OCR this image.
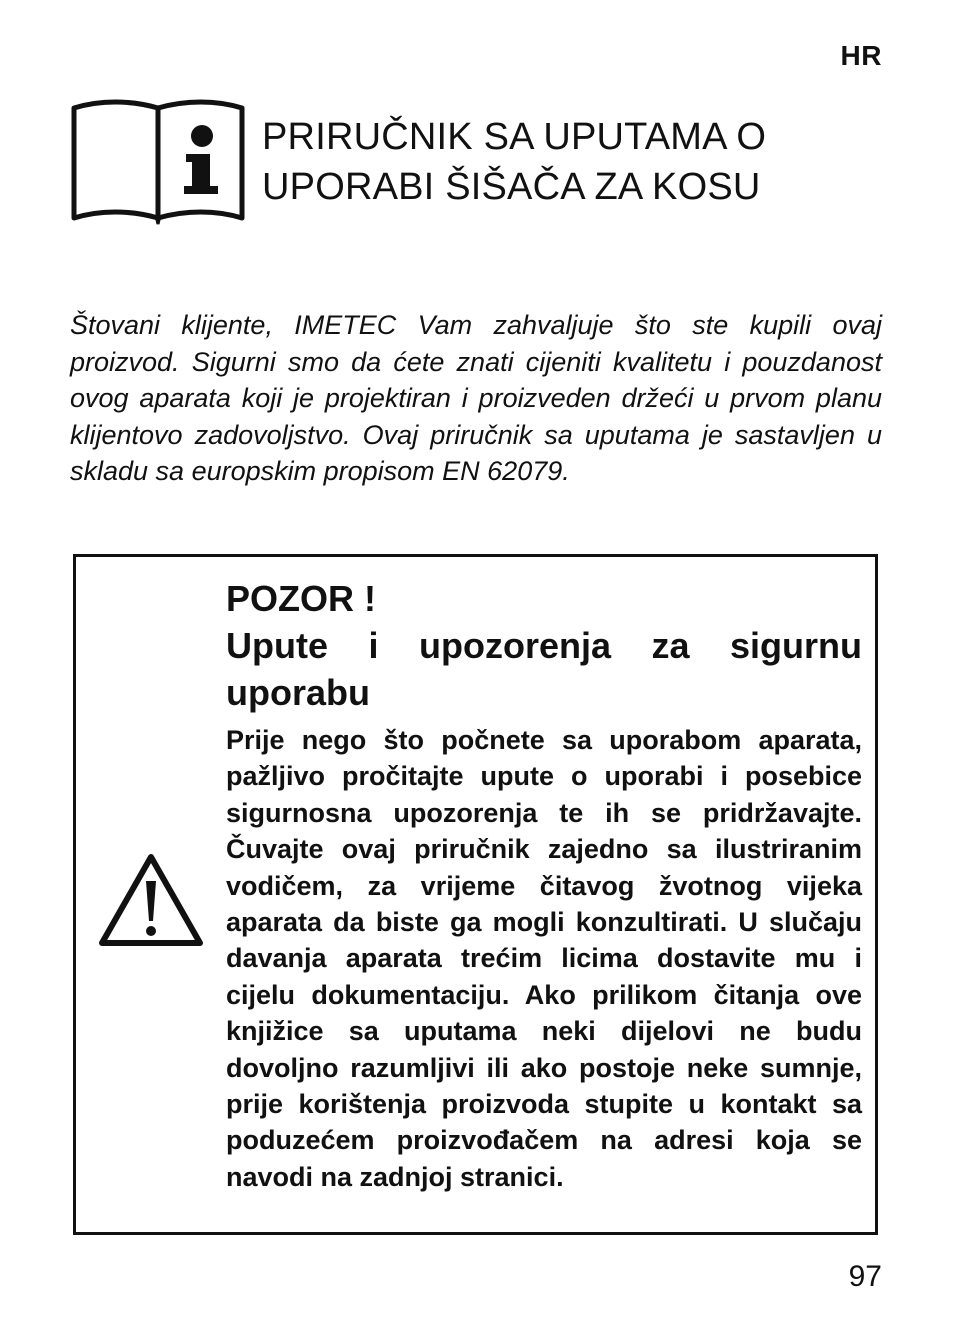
HR
PRIRUČNIK SA UPUTAMA O
UPORABI ŠIŠAČA ZA KOSU

Štovani klijente, IMETEC Vam zahvaljuje što ste kupili ovaj proizvod. Sigurni smo da ćete znati cijeniti kvalitetu i pouzdanost ovog aparata koji je projektiran i proizveden držeći u prvom planu klijentovo zadovoljstvo. Ovaj priručnik sa uputama je sastavljen u skladu sa europskim propisom EN 62079.

POZOR !
Upute i upozorenja za sigurnu uporabu

Prije nego što počnete sa uporabom aparata, pažljivo pročitajte upute o uporabi i posebice sigurnosna upozorenja te ih se pridržavajte. Čuvajte ovaj priručnik zajedno sa ilustriranim vodičem, za vrijeme čitavog žvotnog vijeka aparata da biste ga mogli konzultirati. U slučaju davanja aparata trećim licima dostavite mu i cijelu dokumentaciju. Ako prilikom čitanja ove knjižice sa uputama neki dijelovi ne budu dovoljno razumljivi ili ako postoje neke sumnje, prije korištenja proizvoda stupite u kontakt sa poduzećem proizvođačem na adresi koja se navodi na zadnjoj stranici.

97
